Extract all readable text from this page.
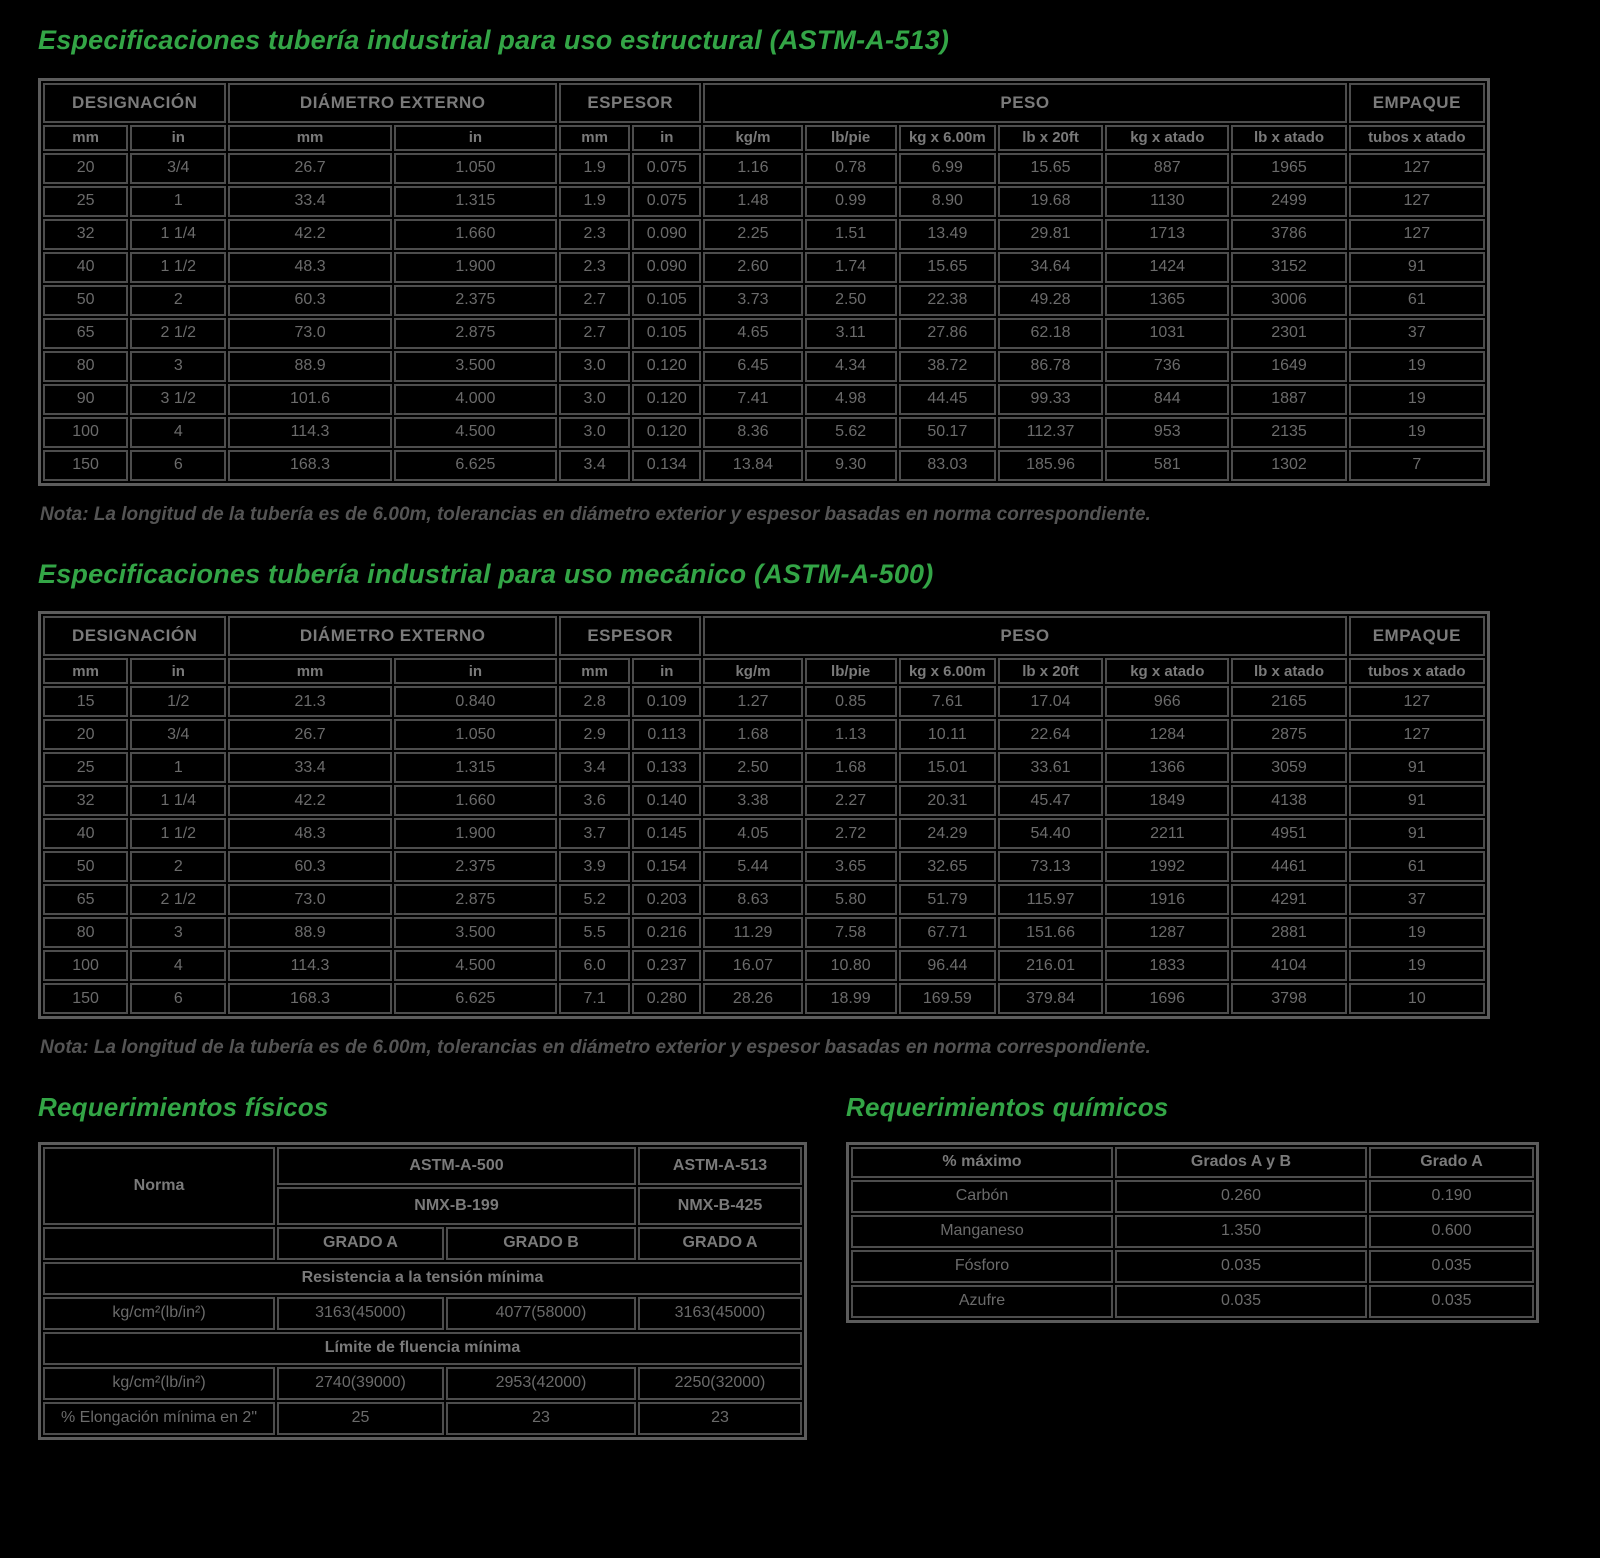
Especificaciones tubería industrial para uso estructural (ASTM-A-513)
DESIGNACIÓN		DIÁMETRO EXTERNO		ESPESOR		PESO						EMPAQUE
mm	in	mm	in	mm	in	kg/m	lb/pie	kg x 6.00m	lb x 20ft	kg x atado	lb x atado	tubos x atado
20	3/4	26.7	1.050	1.9	0.075	1.16	0.78	6.99	15.65	887	1965	127
25	1	33.4	1.315	1.9	0.075	1.48	0.99	8.90	19.68	1130	2499	127
32	1 1/4	42.2	1.660	2.3	0.090	2.25	1.51	13.49	29.81	1713	3786	127
40	1 1/2	48.3	1.900	2.3	0.090	2.60	1.74	15.65	34.64	1424	3152	91
50	2	60.3	2.375	2.7	0.105	3.73	2.50	22.38	49.28	1365	3006	61
65	2 1/2	73.0	2.875	2.7	0.105	4.65	3.11	27.86	62.18	1031	2301	37
80	3	88.9	3.500	3.0	0.120	6.45	4.34	38.72	86.78	736	1649	19
90	3 1/2	101.6	4.000	3.0	0.120	7.41	4.98	44.45	99.33	844	1887	19
100	4	114.3	4.500	3.0	0.120	8.36	5.62	50.17	112.37	953	2135	19
150	6	168.3	6.625	3.4	0.134	13.84	9.30	83.03	185.96	581	1302	7

Nota: La longitud de la tubería es de 6.00m, tolerancias en diámetro exterior y espesor basadas en norma correspondiente.

Especificaciones tubería industrial para uso mecánico (ASTM-A-500)
DESIGNACIÓN		DIÁMETRO EXTERNO		ESPESOR		PESO						EMPAQUE
mm	in	mm	in	mm	in	kg/m	lb/pie	kg x 6.00m	lb x 20ft	kg x atado	lb x atado	tubos x atado
15	1/2	21.3	0.840	2.8	0.109	1.27	0.85	7.61	17.04	966	2165	127
20	3/4	26.7	1.050	2.9	0.113	1.68	1.13	10.11	22.64	1284	2875	127
25	1	33.4	1.315	3.4	0.133	2.50	1.68	15.01	33.61	1366	3059	91
32	1 1/4	42.2	1.660	3.6	0.140	3.38	2.27	20.31	45.47	1849	4138	91
40	1 1/2	48.3	1.900	3.7	0.145	4.05	2.72	24.29	54.40	2211	4951	91
50	2	60.3	2.375	3.9	0.154	5.44	3.65	32.65	73.13	1992	4461	61
65	2 1/2	73.0	2.875	5.2	0.203	8.63	5.80	51.79	115.97	1916	4291	37
80	3	88.9	3.500	5.5	0.216	11.29	7.58	67.71	151.66	1287	2881	19
100	4	114.3	4.500	6.0	0.237	16.07	10.80	96.44	216.01	1833	4104	19
150	6	168.3	6.625	7.1	0.280	28.26	18.99	169.59	379.84	1696	3798	10

Nota: La longitud de la tubería es de 6.00m, tolerancias en diámetro exterior y espesor basadas en norma correspondiente.

Requerimientos físicos
Norma	ASTM-A-500		ASTM-A-513
	NMX-B-199		NMX-B-425
	GRADO A	GRADO B	GRADO A
Resistencia a la tensión mínima			
kg/cm²(lb/in²)	3163(45000)	4077(58000)	3163(45000)
Límite de fluencia mínima			
kg/cm²(lb/in²)	2740(39000)	2953(42000)	2250(32000)
% Elongación mínima en 2"	25	23	23
Requerimientos químicos
% máximo	Grados A y B	Grado A
Carbón	0.260	0.190
Manganeso	1.350	0.600
Fósforo	0.035	0.035
Azufre	0.035	0.035
